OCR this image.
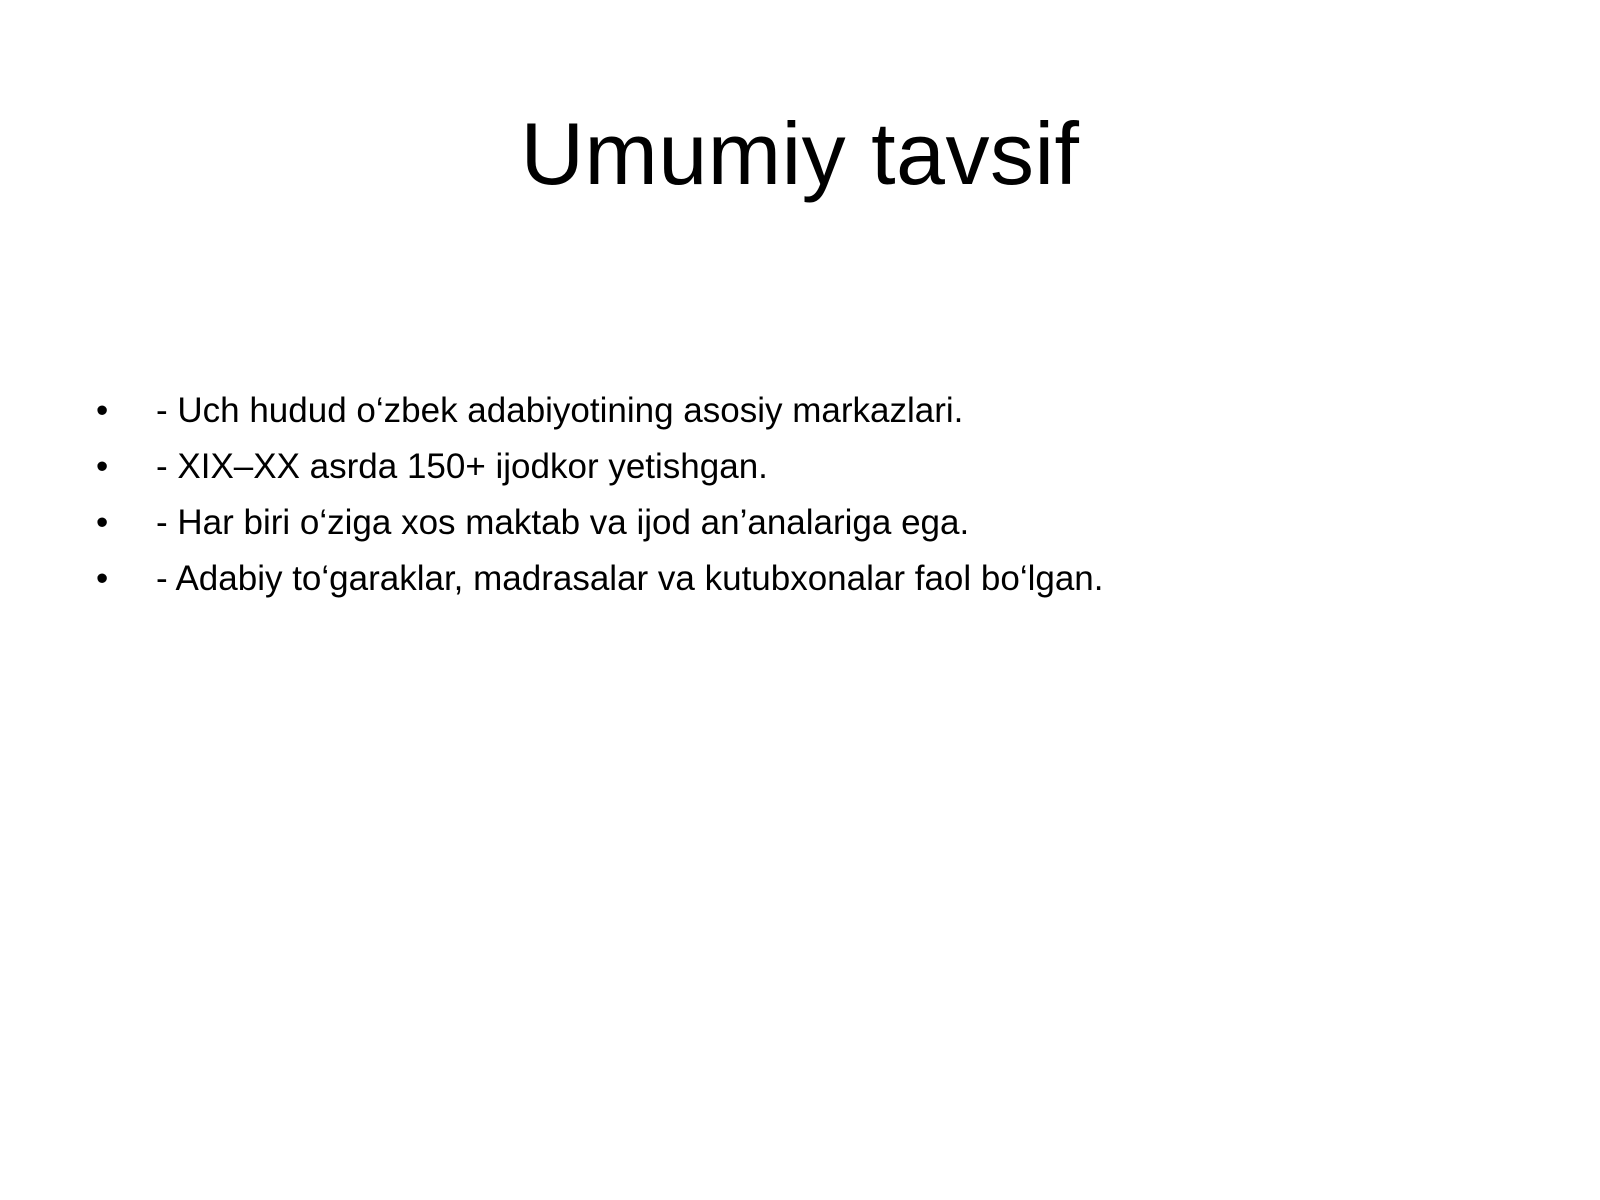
Umumiy tavsif
• - Uch hudud o‘zbek adabiyotining asosiy markazlari.
• - XIX–XX asrda 150+ ijodkor yetishgan.
• - Har biri o‘ziga xos maktab va ijod an’analariga ega.
• - Adabiy to‘garaklar, madrasalar va kutubxonalar faol bo‘lgan.
